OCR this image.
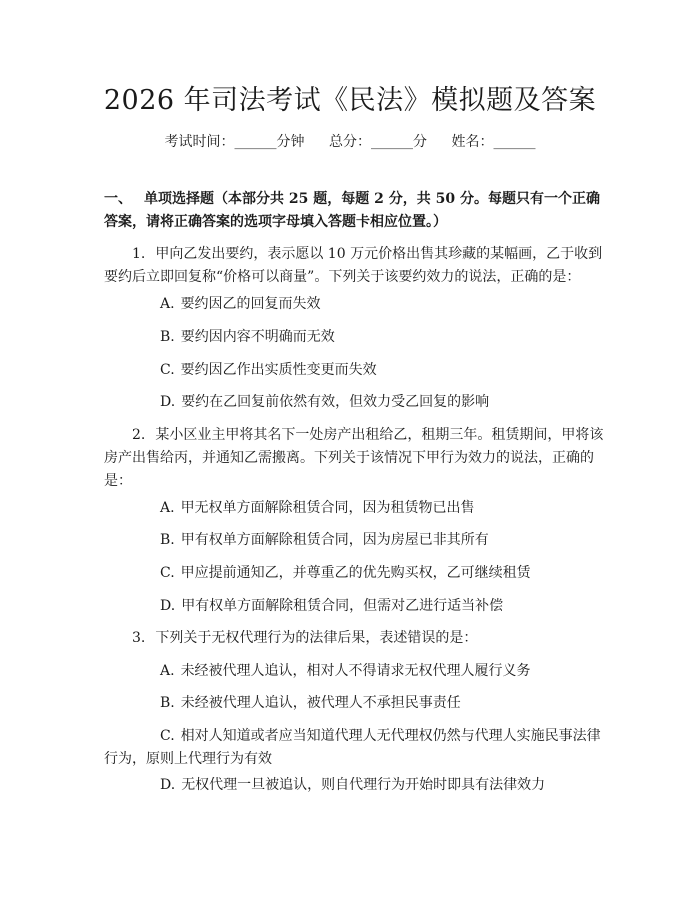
2026 年司法考试《民法》模拟题及答案
考试时间：______分钟 总分：______分 姓名：______
一、 单项选择题（本部分共 25 题，每题 2 分，共 50 分。每题只有一个正确答案，请将正确答案的选项字母填入答题卡相应位置。）
1. 甲向乙发出要约，表示愿以 10 万元价格出售其珍藏的某幅画，乙于收到要约后立即回复称“价格可以商量”。下列关于该要约效力的说法，正确的是：
A. 要约因乙的回复而失效
B. 要约因内容不明确而无效
C. 要约因乙作出实质性变更而失效
D. 要约在乙回复前依然有效，但效力受乙回复的影响
2. 某小区业主甲将其名下一处房产出租给乙，租期三年。租赁期间，甲将该房产出售给丙，并通知乙需搬离。下列关于该情况下甲行为效力的说法，正确的是：
A. 甲无权单方面解除租赁合同，因为租赁物已出售
B. 甲有权单方面解除租赁合同，因为房屋已非其所有
C. 甲应提前通知乙，并尊重乙的优先购买权，乙可继续租赁
D. 甲有权单方面解除租赁合同，但需对乙进行适当补偿
3. 下列关于无权代理行为的法律后果，表述错误的是：
A. 未经被代理人追认，相对人不得请求无权代理人履行义务
B. 未经被代理人追认，被代理人不承担民事责任
C. 相对人知道或者应当知道代理人无代理权仍然与代理人实施民事法律行为，原则上代理行为有效
D. 无权代理一旦被追认，则自代理行为开始时即具有法律效力
